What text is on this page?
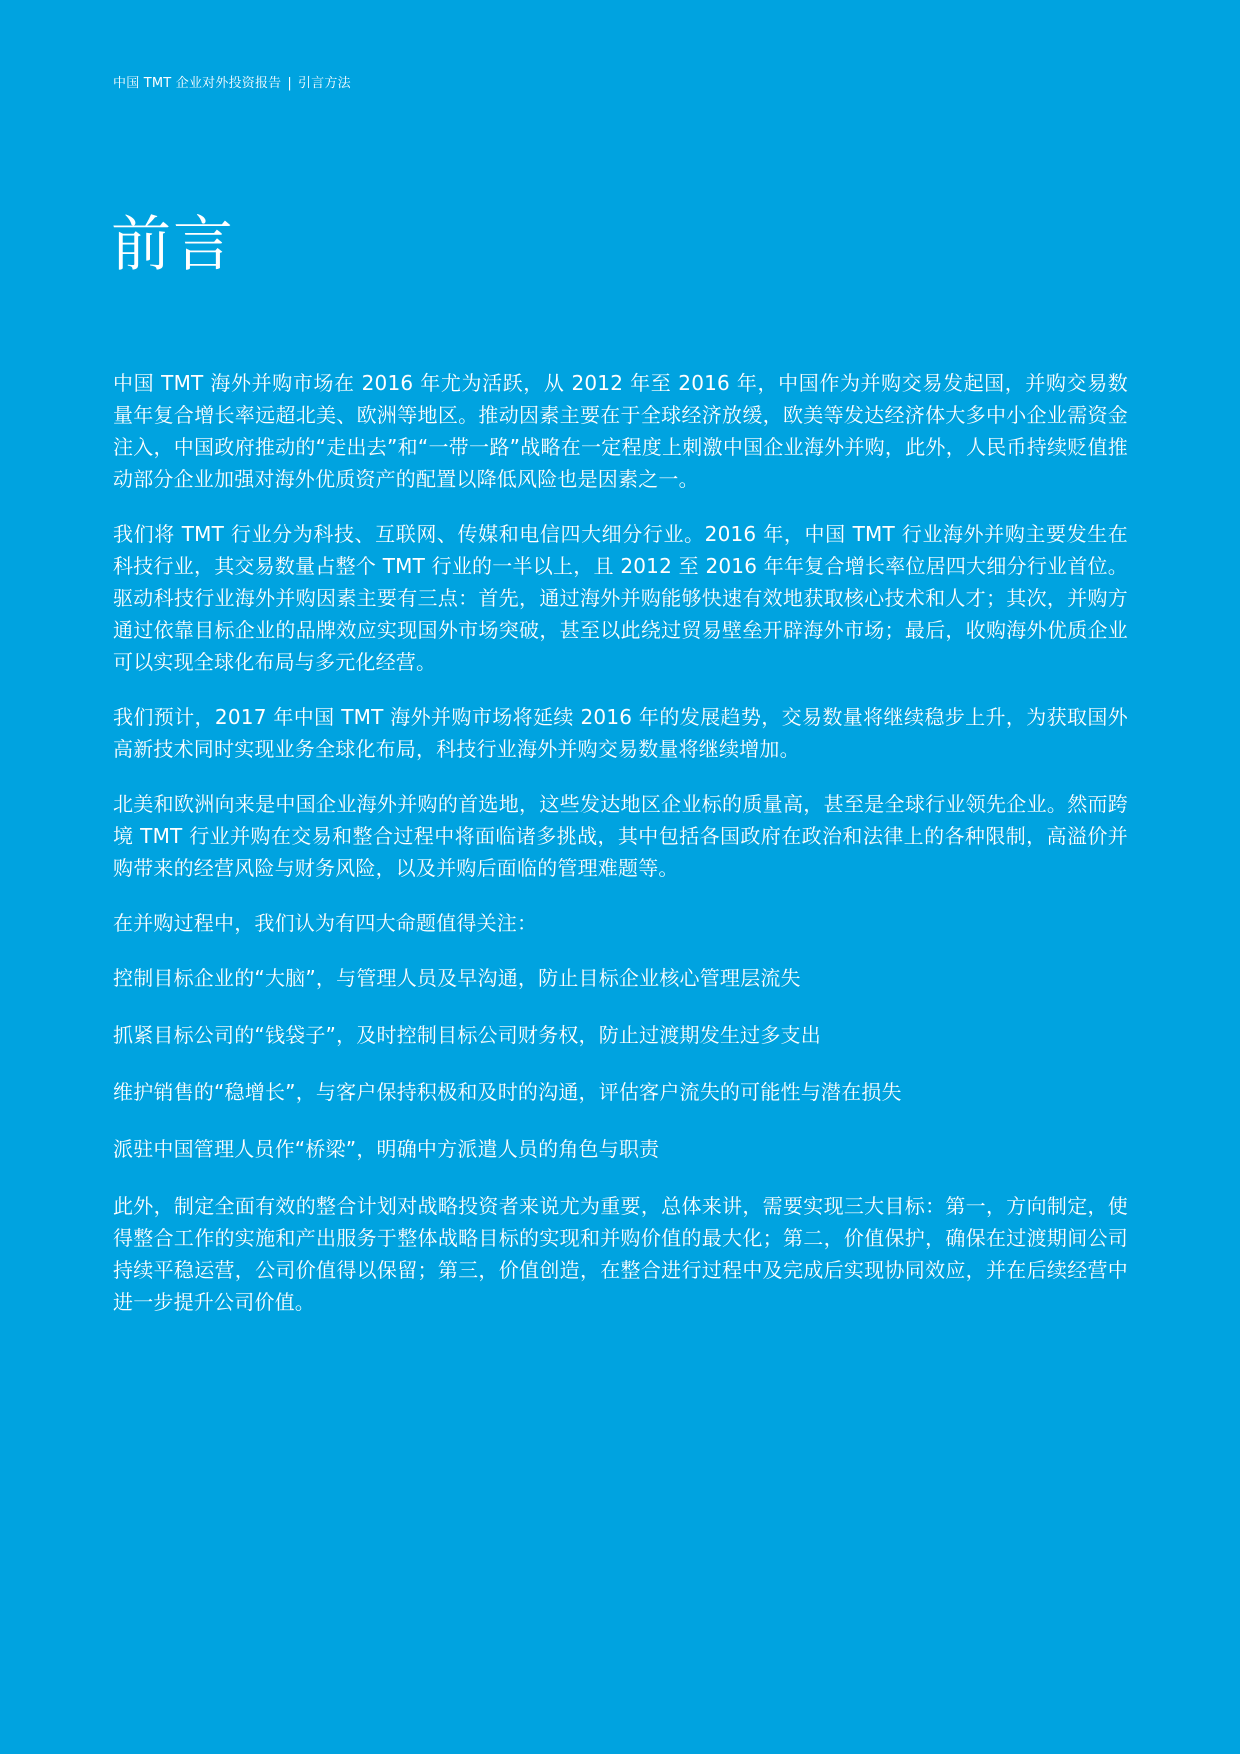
中国 TMT 企业对外投资报告 | 引言方法
前言

中国 TMT 海外并购市场在 2016 年尤为活跃，从 2012 年至 2016 年，中国作为并购交易发起国，并购交易数量年复合增长率远超北美、欧洲等地区。推动因素主要在于全球经济放缓，欧美等发达经济体大多中小企业需资金注入，中国政府推动的“走出去”和“一带一路”战略在一定程度上刺激中国企业海外并购，此外，人民币持续贬值推动部分企业加强对海外优质资产的配置以降低风险也是因素之一。

我们将 TMT 行业分为科技、互联网、传媒和电信四大细分行业。2016 年，中国 TMT 行业海外并购主要发生在科技行业，其交易数量占整个 TMT 行业的一半以上，且 2012 至 2016 年年复合增长率位居四大细分行业首位。驱动科技行业海外并购因素主要有三点：首先，通过海外并购能够快速有效地获取核心技术和人才；其次，并购方通过依靠目标企业的品牌效应实现国外市场突破，甚至以此绕过贸易壁垒开辟海外市场；最后，收购海外优质企业可以实现全球化布局与多元化经营。

我们预计，2017 年中国 TMT 海外并购市场将延续 2016 年的发展趋势，交易数量将继续稳步上升，为获取国外高新技术同时实现业务全球化布局，科技行业海外并购交易数量将继续增加。

北美和欧洲向来是中国企业海外并购的首选地，这些发达地区企业标的质量高，甚至是全球行业领先企业。然而跨境 TMT 行业并购在交易和整合过程中将面临诸多挑战，其中包括各国政府在政治和法律上的各种限制，高溢价并购带来的经营风险与财务风险，以及并购后面临的管理难题等。

在并购过程中，我们认为有四大命题值得关注：

控制目标企业的“大脑”，与管理人员及早沟通，防止目标企业核心管理层流失

抓紧目标公司的“钱袋子”，及时控制目标公司财务权，防止过渡期发生过多支出

维护销售的“稳增长”，与客户保持积极和及时的沟通，评估客户流失的可能性与潜在损失

派驻中国管理人员作“桥梁”，明确中方派遣人员的角色与职责

此外，制定全面有效的整合计划对战略投资者来说尤为重要，总体来讲，需要实现三大目标：第一，方向制定，使得整合工作的实施和产出服务于整体战略目标的实现和并购价值的最大化；第二，价值保护，确保在过渡期间公司持续平稳运营，公司价值得以保留；第三，价值创造，在整合进行过程中及完成后实现协同效应，并在后续经营中进一步提升公司价值。
